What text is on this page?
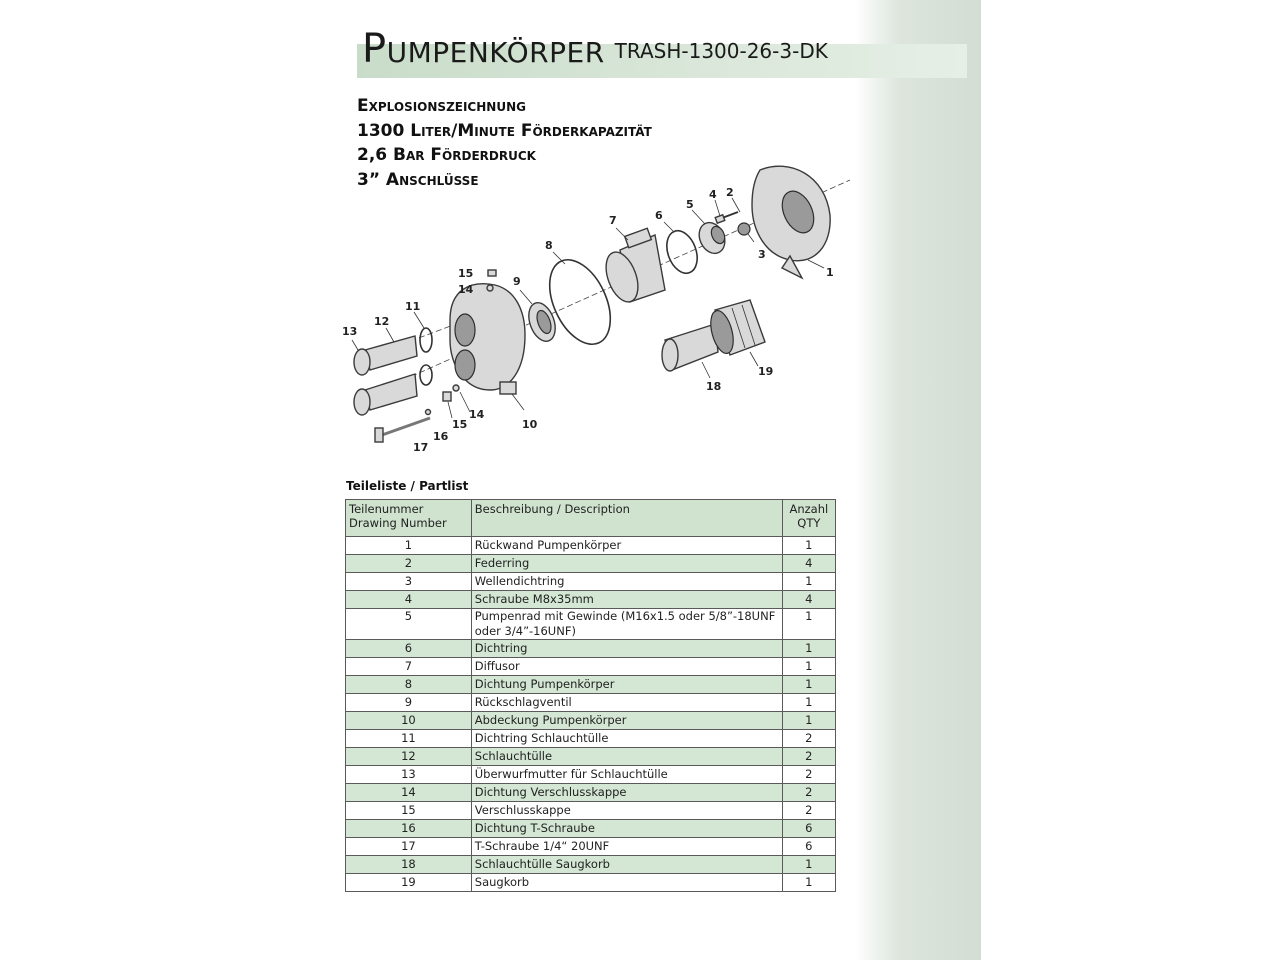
Pumpenkörper TRASH-1300-26-3-DK
Explosionszeichnung
1300 Liter/Minute Förderkapazität
2,6 Bar Förderdruck
3” Anschlüsse
1
2
3
4
5
6
7
8
9
10
11
12
13
14
15
14
15
16
17
18
19
Teileliste / Partlist
Teilenummer Drawing Number	Beschreibung / Description	Anzahl QTY
1	Rückwand Pumpenkörper	1
2	Federring	4
3	Wellendichtring	1
4	Schraube M8x35mm	4
5	Pumpenrad mit Gewinde (M16x1.5 oder 5/8”-18UNF oder 3/4”-16UNF)	1
6	Dichtring	1
7	Diffusor	1
8	Dichtung Pumpenkörper	1
9	Rückschlagventil	1
10	Abdeckung Pumpenkörper	1
11	Dichtring Schlauchtülle	2
12	Schlauchtülle	2
13	Überwurfmutter für Schlauchtülle	2
14	Dichtung Verschlusskappe	2
15	Verschlusskappe	2
16	Dichtung T-Schraube	6
17	T-Schraube 1/4“ 20UNF	6
18	Schlauchtülle Saugkorb	1
19	Saugkorb	1
